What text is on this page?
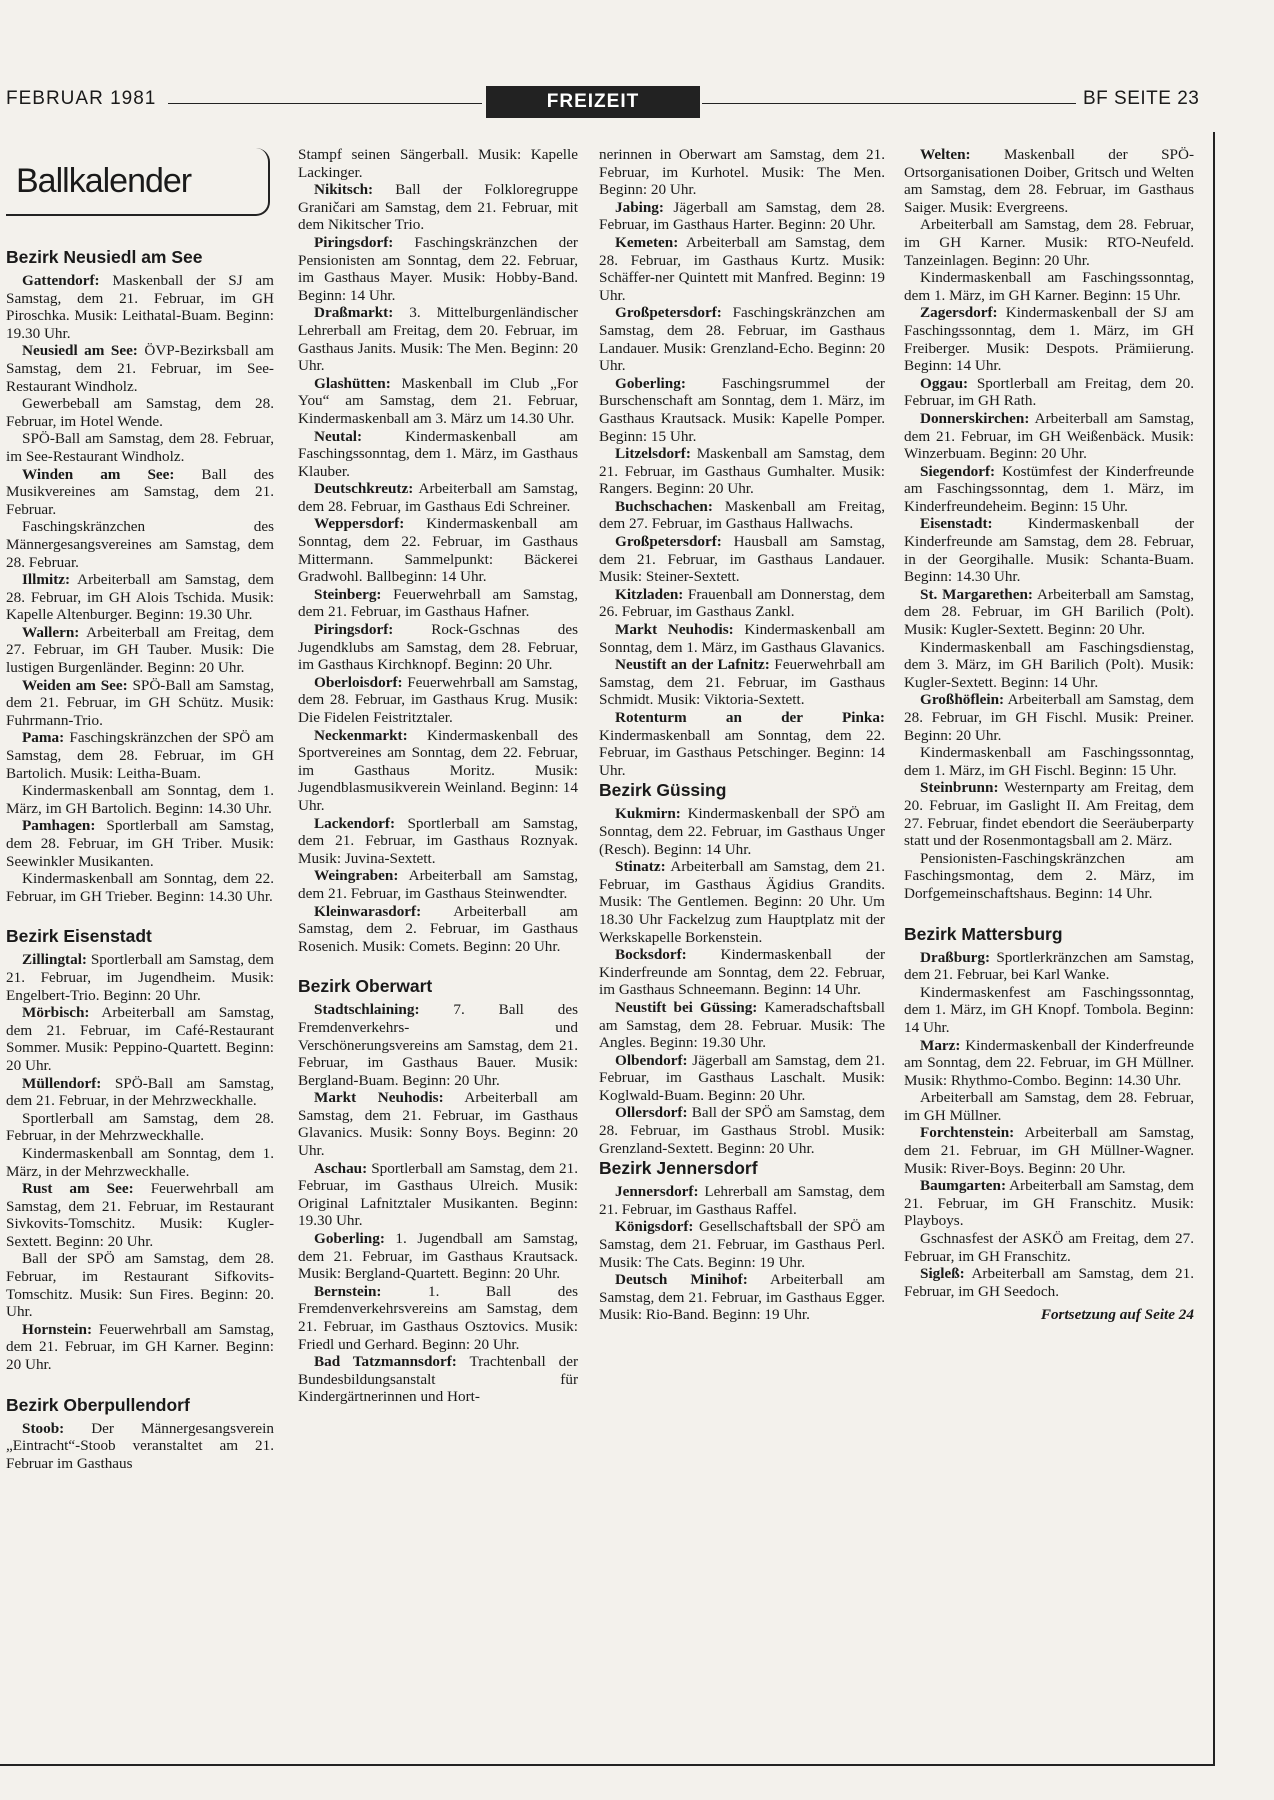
FEBRUAR 1981	FREIZEIT	BF SEITE 23
Ballkalender
Bezirk Neusiedl am See

Gattendorf: Maskenball der SJ am Samstag, dem 21. Februar, im GH Piroschka. Musik: Leithatal-Buam. Beginn: 19.30 Uhr.

Neusiedl am See: ÖVP-Bezirksball am Samstag, dem 21. Februar, im See-Restaurant Windholz.

Gewerbeball am Samstag, dem 28. Februar, im Hotel Wende.

SPÖ-Ball am Samstag, dem 28. Februar, im See-Restaurant Windholz.

Winden am See: Ball des Musikvereines am Samstag, dem 21. Februar.

Faschingskränzchen des Männergesangsvereines am Samstag, dem 28. Februar.

Illmitz: Arbeiterball am Samstag, dem 28. Februar, im GH Alois Tschida. Musik: Kapelle Altenburger. Beginn: 19.30 Uhr.

Wallern: Arbeiterball am Freitag, dem 27. Februar, im GH Tauber. Musik: Die lustigen Burgenländer. Beginn: 20 Uhr.

Weiden am See: SPÖ-Ball am Samstag, dem 21. Februar, im GH Schütz. Musik: Fuhrmann-Trio.

Pama: Faschingskränzchen der SPÖ am Samstag, dem 28. Februar, im GH Bartolich. Musik: Leitha-Buam.

Kindermaskenball am Sonntag, dem 1. März, im GH Bartolich. Beginn: 14.30 Uhr.

Pamhagen: Sportlerball am Samstag, dem 28. Februar, im GH Triber. Musik: Seewinkler Musikanten.

Kindermaskenball am Sonntag, dem 22. Februar, im GH Trieber. Beginn: 14.30 Uhr.

Bezirk Eisenstadt

Zillingtal: Sportlerball am Samstag, dem 21. Februar, im Jugendheim. Musik: Engelbert-Trio. Beginn: 20 Uhr.

Mörbisch: Arbeiterball am Samstag, dem 21. Februar, im Café-Restaurant Sommer. Musik: Peppino-Quartett. Beginn: 20 Uhr.

Müllendorf: SPÖ-Ball am Samstag, dem 21. Februar, in der Mehrzweckhalle.

Sportlerball am Samstag, dem 28. Februar, in der Mehrzweckhalle.

Kindermaskenball am Sonntag, dem 1. März, in der Mehrzweckhalle.

Rust am See: Feuerwehrball am Samstag, dem 21. Februar, im Restaurant Sivkovits-Tomschitz. Musik: Kugler-Sextett. Beginn: 20 Uhr.

Ball der SPÖ am Samstag, dem 28. Februar, im Restaurant Sifkovits-Tomschitz. Musik: Sun Fires. Beginn: 20. Uhr.

Hornstein: Feuerwehrball am Samstag, dem 21. Februar, im GH Karner. Beginn: 20 Uhr.

Bezirk Oberpullendorf

Stoob: Der Männergesangsverein „Eintracht“-Stoob veranstaltet am 21. Februar im Gasthaus

Stampf seinen Sängerball. Musik: Kapelle Lackinger.

Nikitsch: Ball der Folkloregruppe Graničari am Samstag, dem 21. Februar, mit dem Nikitscher Trio.

Piringsdorf: Faschingskränzchen der Pensionisten am Sonntag, dem 22. Februar, im Gasthaus Mayer. Musik: Hobby-Band. Beginn: 14 Uhr.

Draßmarkt: 3. Mittelburgenländischer Lehrerball am Freitag, dem 20. Februar, im Gasthaus Janits. Musik: The Men. Beginn: 20 Uhr.

Glashütten: Maskenball im Club „For You“ am Samstag, dem 21. Februar, Kindermaskenball am 3. März um 14.30 Uhr.

Neutal: Kindermaskenball am Faschingssonntag, dem 1. März, im Gasthaus Klauber.

Deutschkreutz: Arbeiterball am Samstag, dem 28. Februar, im Gasthaus Edi Schreiner.

Weppersdorf: Kindermaskenball am Sonntag, dem 22. Februar, im Gasthaus Mittermann. Sammelpunkt: Bäckerei Gradwohl. Ballbeginn: 14 Uhr.

Steinberg: Feuerwehrball am Samstag, dem 21. Februar, im Gasthaus Hafner.

Piringsdorf: Rock-Gschnas des Jugendklubs am Samstag, dem 28. Februar, im Gasthaus Kirchknopf. Beginn: 20 Uhr.

Oberloisdorf: Feuerwehrball am Samstag, dem 28. Februar, im Gasthaus Krug. Musik: Die Fidelen Feistritztaler.

Neckenmarkt: Kindermaskenball des Sportvereines am Sonntag, dem 22. Februar, im Gasthaus Moritz. Musik: Jugendblasmusikverein Weinland. Beginn: 14 Uhr.

Lackendorf: Sportlerball am Samstag, dem 21. Februar, im Gasthaus Roznyak. Musik: Juvina-Sextett.

Weingraben: Arbeiterball am Samstag, dem 21. Februar, im Gasthaus Steinwendter.

Kleinwarasdorf: Arbeiterball am Samstag, dem 2. Februar, im Gasthaus Rosenich. Musik: Comets. Beginn: 20 Uhr.

Bezirk Oberwart

Stadtschlaining: 7. Ball des Fremdenverkehrs- und Verschönerungsvereins am Samstag, dem 21. Februar, im Gasthaus Bauer. Musik: Bergland-Buam. Beginn: 20 Uhr.

Markt Neuhodis: Arbeiterball am Samstag, dem 21. Februar, im Gasthaus Glavanics. Musik: Sonny Boys. Beginn: 20 Uhr.

Aschau: Sportlerball am Samstag, dem 21. Februar, im Gasthaus Ulreich. Musik: Original Lafnitztaler Musikanten. Beginn: 19.30 Uhr.

Goberling: 1. Jugendball am Samstag, dem 21. Februar, im Gasthaus Krautsack. Musik: Bergland-Quartett. Beginn: 20 Uhr.

Bernstein: 1. Ball des Fremdenverkehrsvereins am Samstag, dem 21. Februar, im Gasthaus Osztovics. Musik: Friedl und Gerhard. Beginn: 20 Uhr.

Bad Tatzmannsdorf: Trachtenball der Bundesbildungsanstalt für Kindergärtnerinnen und Hort-

nerinnen in Oberwart am Samstag, dem 21. Februar, im Kurhotel. Musik: The Men. Beginn: 20 Uhr.

Jabing: Jägerball am Samstag, dem 28. Februar, im Gasthaus Harter. Beginn: 20 Uhr.

Kemeten: Arbeiterball am Samstag, dem 28. Februar, im Gasthaus Kurtz. Musik: Schäffer-ner Quintett mit Manfred. Beginn: 19 Uhr.

Großpetersdorf: Faschingskränzchen am Samstag, dem 28. Februar, im Gasthaus Landauer. Musik: Grenzland-Echo. Beginn: 20 Uhr.

Goberling: Faschingsrummel der Burschenschaft am Sonntag, dem 1. März, im Gasthaus Krautsack. Musik: Kapelle Pomper. Beginn: 15 Uhr.

Litzelsdorf: Maskenball am Samstag, dem 21. Februar, im Gasthaus Gumhalter. Musik: Rangers. Beginn: 20 Uhr.

Buchschachen: Maskenball am Freitag, dem 27. Februar, im Gasthaus Hallwachs.

Großpetersdorf: Hausball am Samstag, dem 21. Februar, im Gasthaus Landauer. Musik: Steiner-Sextett.

Kitzladen: Frauenball am Donnerstag, dem 26. Februar, im Gasthaus Zankl.

Markt Neuhodis: Kindermaskenball am Sonntag, dem 1. März, im Gasthaus Glavanics.

Neustift an der Lafnitz: Feuerwehrball am Samstag, dem 21. Februar, im Gasthaus Schmidt. Musik: Viktoria-Sextett.

Rotenturm an der Pinka: Kindermaskenball am Sonntag, dem 22. Februar, im Gasthaus Petschinger. Beginn: 14 Uhr.

Bezirk Güssing

Kukmirn: Kindermaskenball der SPÖ am Sonntag, dem 22. Februar, im Gasthaus Unger (Resch). Beginn: 14 Uhr.

Stinatz: Arbeiterball am Samstag, dem 21. Februar, im Gasthaus Ägidius Grandits. Musik: The Gentlemen. Beginn: 20 Uhr. Um 18.30 Uhr Fackelzug zum Hauptplatz mit der Werkskapelle Borkenstein.

Bocksdorf: Kindermaskenball der Kinderfreunde am Sonntag, dem 22. Februar, im Gasthaus Schneemann. Beginn: 14 Uhr.

Neustift bei Güssing: Kameradschaftsball am Samstag, dem 28. Februar. Musik: The Angles. Beginn: 19.30 Uhr.

Olbendorf: Jägerball am Samstag, dem 21. Februar, im Gasthaus Laschalt. Musik: Koglwald-Buam. Beginn: 20 Uhr.

Ollersdorf: Ball der SPÖ am Samstag, dem 28. Februar, im Gasthaus Strobl. Musik: Grenzland-Sextett. Beginn: 20 Uhr.

Bezirk Jennersdorf

Jennersdorf: Lehrerball am Samstag, dem 21. Februar, im Gasthaus Raffel.

Königsdorf: Gesellschaftsball der SPÖ am Samstag, dem 21. Februar, im Gasthaus Perl. Musik: The Cats. Beginn: 19 Uhr.

Deutsch Minihof: Arbeiterball am Samstag, dem 21. Februar, im Gasthaus Egger. Musik: Rio-Band. Beginn: 19 Uhr.

Welten: Maskenball der SPÖ-Ortsorganisationen Doiber, Gritsch und Welten am Samstag, dem 28. Februar, im Gasthaus Saiger. Musik: Evergreens.

Arbeiterball am Samstag, dem 28. Februar, im GH Karner. Musik: RTO-Neufeld. Tanzeinlagen. Beginn: 20 Uhr.

Kindermaskenball am Faschingssonntag, dem 1. März, im GH Karner. Beginn: 15 Uhr.

Zagersdorf: Kindermaskenball der SJ am Faschingssonntag, dem 1. März, im GH Freiberger. Musik: Despots. Prämiierung. Beginn: 14 Uhr.

Oggau: Sportlerball am Freitag, dem 20. Februar, im GH Rath.

Donnerskirchen: Arbeiterball am Samstag, dem 21. Februar, im GH Weißenbäck. Musik: Winzerbuam. Beginn: 20 Uhr.

Siegendorf: Kostümfest der Kinderfreunde am Faschingssonntag, dem 1. März, im Kinderfreundeheim. Beginn: 15 Uhr.

Eisenstadt: Kindermaskenball der Kinderfreunde am Samstag, dem 28. Februar, in der Georgihalle. Musik: Schanta-Buam. Beginn: 14.30 Uhr.

St. Margarethen: Arbeiterball am Samstag, dem 28. Februar, im GH Barilich (Polt). Musik: Kugler-Sextett. Beginn: 20 Uhr.

Kindermaskenball am Faschingsdienstag, dem 3. März, im GH Barilich (Polt). Musik: Kugler-Sextett. Beginn: 14 Uhr.

Großhöflein: Arbeiterball am Samstag, dem 28. Februar, im GH Fischl. Musik: Preiner. Beginn: 20 Uhr.

Kindermaskenball am Faschingssonntag, dem 1. März, im GH Fischl. Beginn: 15 Uhr.

Steinbrunn: Westernparty am Freitag, dem 20. Februar, im Gaslight II. Am Freitag, dem 27. Februar, findet ebendort die Seeräuberparty statt und der Rosenmontagsball am 2. März.

Pensionisten-Faschingskränzchen am Faschingsmontag, dem 2. März, im Dorfgemeinschaftshaus. Beginn: 14 Uhr.

Bezirk Mattersburg

Draßburg: Sportlerkränzchen am Samstag, dem 21. Februar, bei Karl Wanke.

Kindermaskenfest am Faschingssonntag, dem 1. März, im GH Knopf. Tombola. Beginn: 14 Uhr.

Marz: Kindermaskenball der Kinderfreunde am Sonntag, dem 22. Februar, im GH Müllner. Musik: Rhythmo-Combo. Beginn: 14.30 Uhr.

Arbeiterball am Samstag, dem 28. Februar, im GH Müllner.

Forchtenstein: Arbeiterball am Samstag, dem 21. Februar, im GH Müllner-Wagner. Musik: River-Boys. Beginn: 20 Uhr.

Baumgarten: Arbeiterball am Samstag, dem 21. Februar, im GH Franschitz. Musik: Playboys.

Gschnasfest der ASKÖ am Freitag, dem 27. Februar, im GH Franschitz.

Sigleß: Arbeiterball am Samstag, dem 21. Februar, im GH Seedoch.

Fortsetzung auf Seite 24
